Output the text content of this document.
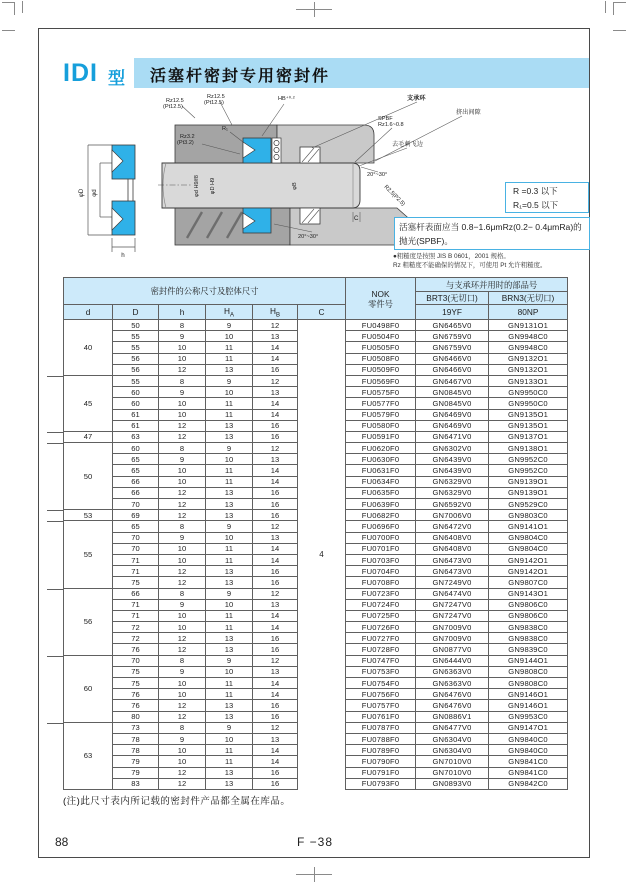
IDI 型 活塞杆密封专用密封件
φD φd
h
Rz12.5
(Pt12.5)
Rz12.5
(Pt12.5)
HB⁺⁰·²
R₁
Rz3.2
(Pt3.2)
支承环
挤出间隙
SPBF
Rz1.6~0.8
去毛刺飞边
φd H9/f8 φD H9	φB
20°~30°
20°~30°
R2.5(P2.5)
C
R =0.3 以下
R₁=0.5 以下
活塞杆表面应当 0.8−1.6μmRz(0.2− 0.4μmRa)的抛光(SPBF)。
●粗糙度是按照 JIS B 0601，2001 规格。
Rz 粗糙度不能确保的情况下，可使用 Pt 允许粗糙度。
密封件的公称尺寸及腔体尺寸						NOK
零件号	与支承环并用时的部品号	
							BRT3(无切口)	BRN3(无切口)
d	D	h	$H_A$	$H_B$	C		19YF	80NP
40	50	8	9	12	4	FU0498F0	GN6465V0	GN9131O1
	55	9	10	13		FU0504F0	GN6759V0	GN9948C0
	55	10	11	14		FU0505F0	GN6759V0	GN9948C0
	56	10	11	14		FU0508F0	GN6466V0	GN9132O1
	56	12	13	16		FU0509F0	GN6466V0	GN9132O1
45	55	8	9	12		FU0569F0	GN6467V0	GN9133O1
	60	9	10	13		FU0575F0	GN0845V0	GN9950C0
	60	10	11	14		FU0577F0	GN0845V0	GN9950C0
	61	10	11	14		FU0579F0	GN6469V0	GN9135O1
	61	12	13	16		FU0580F0	GN6469V0	GN9135O1
47	63	12	13	16		FU0591F0	GN6471V0	GN9137O1
50	60	8	9	12		FU0620F0	GN6302V0	GN9138O1
	65	9	10	13		FU0630F0	GN6439V0	GN9952C0
	65	10	11	14		FU0631F0	GN6439V0	GN9952C0
	66	10	11	14		FU0634F0	GN6329V0	GN9139O1
	66	12	13	16		FU0635F0	GN6329V0	GN9139O1
	70	12	13	16		FU0639F0	GN6592V0	GN9529C0
53	69	12	13	16		FU0682F0	GN7006V0	GN9803C0
55	65	8	9	12		FU0696F0	GN6472V0	GN9141O1
	70	9	10	13		FU0700F0	GN6408V0	GN9804C0
	70	10	11	14		FU0701F0	GN6408V0	GN9804C0
	71	10	11	14		FU0703F0	GN6473V0	GN9142O1
	71	12	13	16		FU0704F0	GN6473V0	GN9142O1
	75	12	13	16		FU0708F0	GN7249V0	GN9807C0
56	66	8	9	12		FU0723F0	GN6474V0	GN9143O1
	71	9	10	13		FU0724F0	GN7247V0	GN9806C0
	71	10	11	14		FU0725F0	GN7247V0	GN9806C0
	72	10	11	14		FU0726F0	GN7009V0	GN9838C0
	72	12	13	16		FU0727F0	GN7009V0	GN9838C0
	76	12	13	16		FU0728F0	GN0877V0	GN9839C0
60	70	8	9	12		FU0747F0	GN6444V0	GN9144O1
	75	9	10	13		FU0753F0	GN6363V0	GN9808C0
	75	10	11	14		FU0754F0	GN6363V0	GN9808C0
	76	10	11	14		FU0756F0	GN6476V0	GN9146O1
	76	12	13	16		FU0757F0	GN6476V0	GN9146O1
	80	12	13	16		FU0761F0	GN0886V1	GN9953C0
63	73	8	9	12		FU0787F0	GN6477V0	GN9147O1
	78	9	10	13		FU0788F0	GN6304V0	GN9840C0
	78	10	11	14		FU0789F0	GN6304V0	GN9840C0
	79	10	11	14		FU0790F0	GN7010V0	GN9841C0
	79	12	13	16		FU0791F0	GN7010V0	GN9841C0
	83	12	13	16		FU0793F0	GN0893V0	GN9842C0
(注)此尺寸表内所记载的密封件产品都全属在库品。
88	F −38
